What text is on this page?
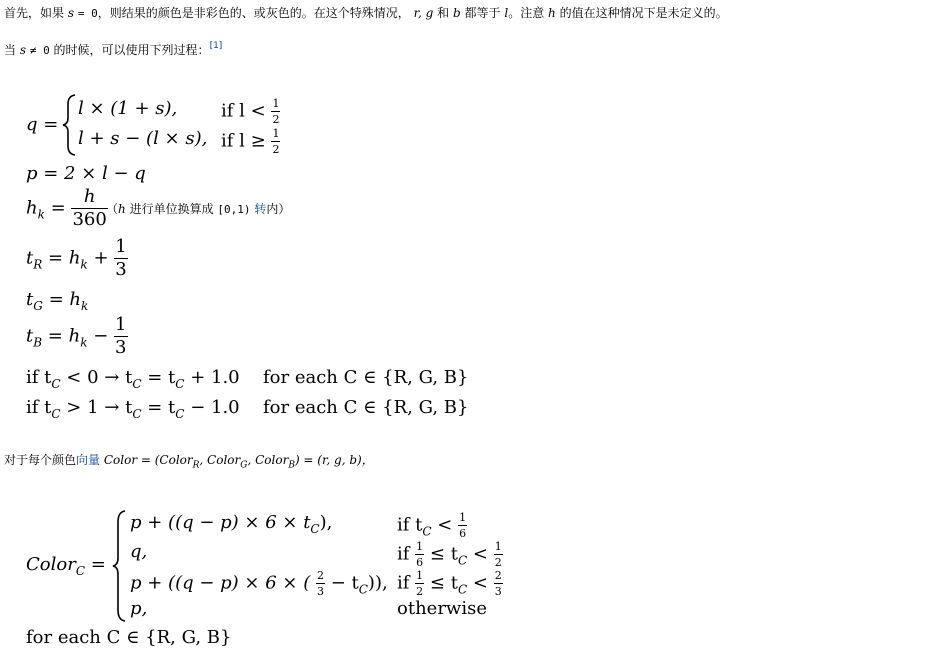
首先，如果 s = 0，则结果的颜色是非彩色的、或灰色的。在这个特殊情况， r, g 和 b 都等于 l。注意 h 的值在这种情况下是未定义的。
当 s ≠ 0 的时候，可以使用下列过程：[1]
q =
l × (1 + s), if $l < \frac{1}{2}$
l + s − (l × s), if $l \ge \frac{1}{2}$
p = 2 × l − q
$h_k = \frac{h}{360}$
（h 进行单位换算成 [0,1) 转内）
$t_R = h_k + \frac{1}{3}$
$t_G = h_k$
$t_B = h_k - \frac{1}{3}$
if $t_C < 0 \to t_C = t_C + 1.0$ for each C ∈ {R, G, B}
if $t_C > 1 \to t_C = t_C - 1.0$ for each C ∈ {R, G, B}
对于每个颜色向量 Color = (Color$_R$, Color$_G$, Color$_B$) = (r, g, b)，
Color$_C$ =
$p + ((q - p) \times 6 \times t_C)$,	if $t_C < \frac{1}{6}$
q,	if $\frac{1}{6} \le t_C < \frac{1}{2}$
p + ((q − p) × 6 × ( $\frac{2}{3} - t_C$)), if $\frac{1}{2} \le t_C < \frac{2}{3}$
p,	otherwise
for each C ∈ {R, G, B}
